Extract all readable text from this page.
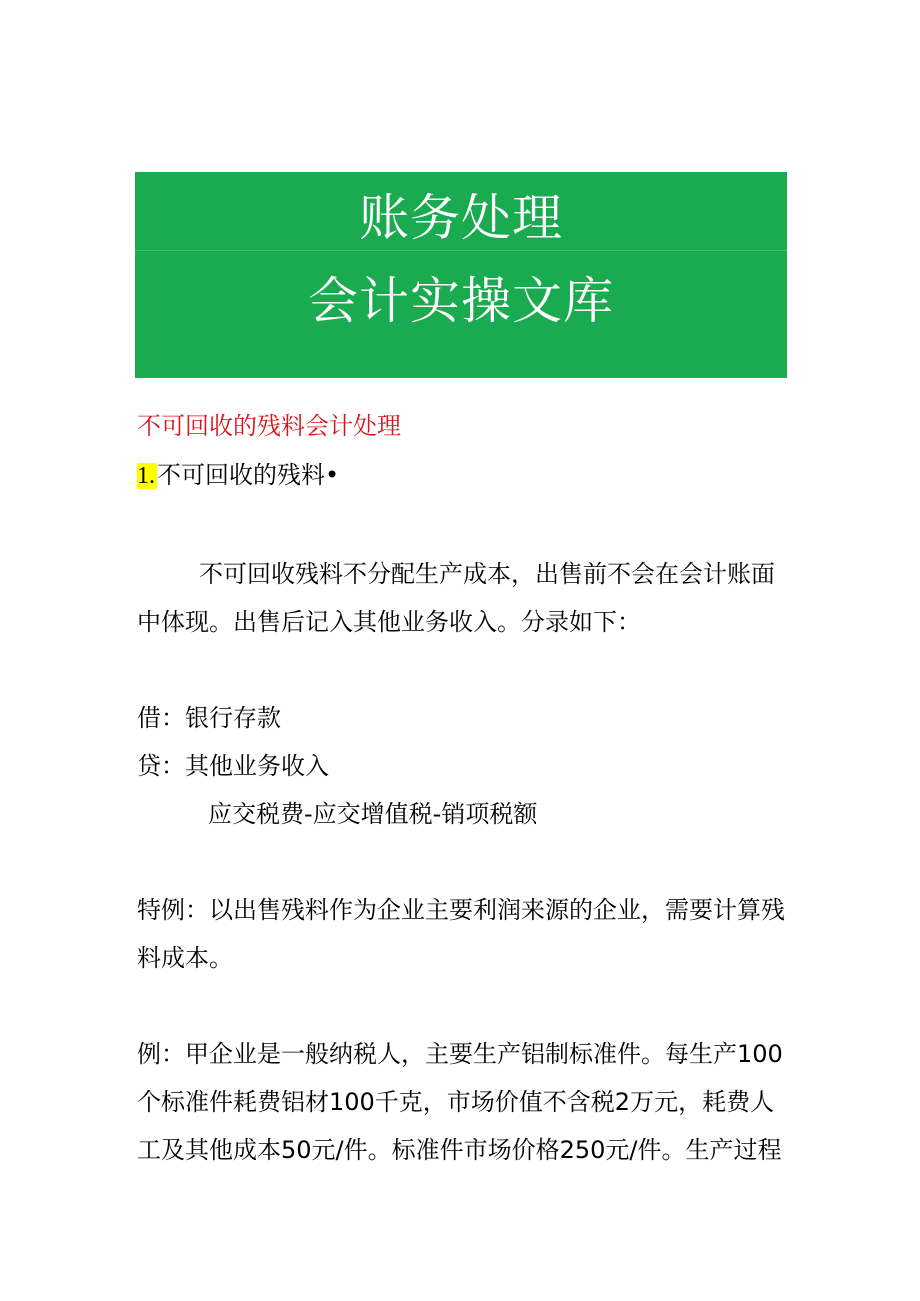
账务处理
会计实操文库
不可回收的残料会计处理
1.不可回收的残料•

不可回收残料不分配生产成本，出售前不会在会计账面中体现。出售后记入其他业务收入。分录如下：

借：银行存款
贷：其他业务收入
应交税费-应交增值税-销项税额

特例：以出售残料作为企业主要利润来源的企业，需要计算残料成本。

例：甲企业是一般纳税人，主要生产铝制标准件。每生产100个标准件耗费铝材100千克，市场价值不含税2万元，耗费人工及其他成本50元/件。标准件市场价格250元/件。生产过程
